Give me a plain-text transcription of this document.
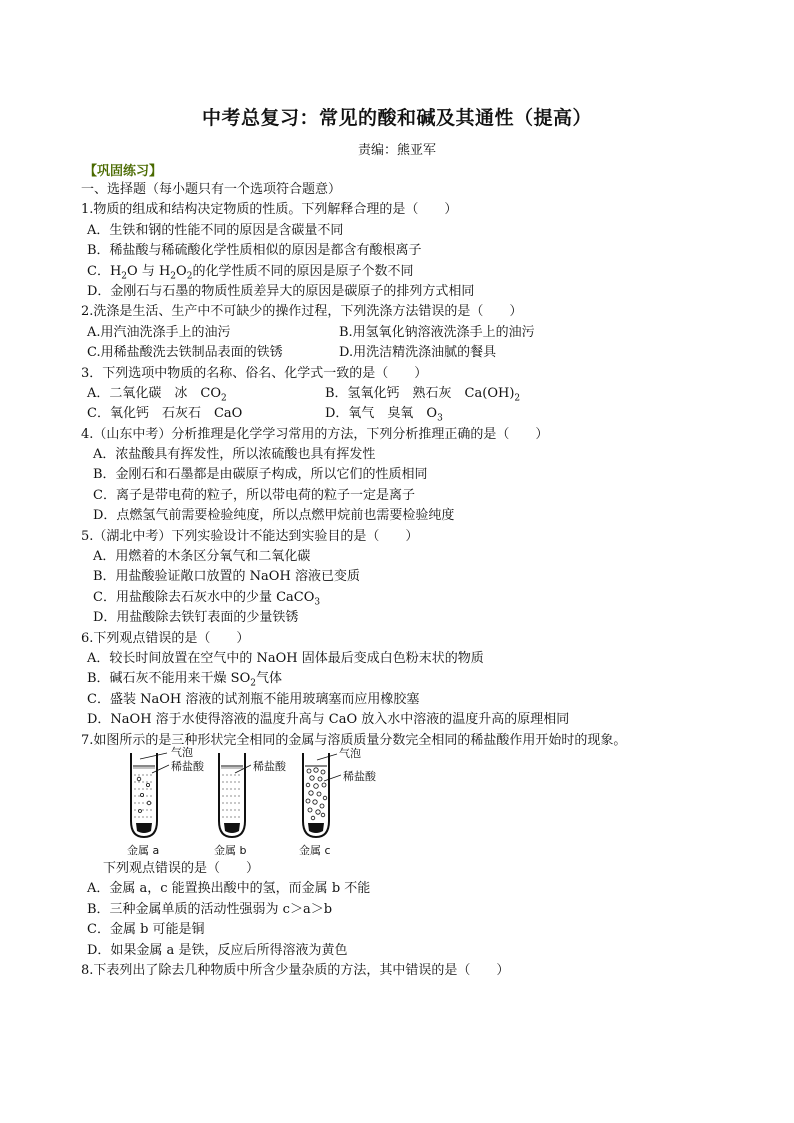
中考总复习：常见的酸和碱及其通性（提高）
责编：熊亚军
【巩固练习】
一、选择题（每小题只有一个选项符合题意）
1.物质的组成和结构决定物质的性质。下列解释合理的是（　　）
A．生铁和钢的性能不同的原因是含碳量不同
B．稀盐酸与稀硫酸化学性质相似的原因是都含有酸根离子
C．$H_2O$ 与 $H_2O_2$的化学性质不同的原因是原子个数不同
D．金刚石与石墨的物质性质差异大的原因是碳原子的排列方式相同
2.洗涤是生活、生产中不可缺少的操作过程，下列洗涤方法错误的是（　　）
A.用汽油洗涤手上的油污	B.用氢氧化钠溶液洗涤手上的油污
C.用稀盐酸洗去铁制品表面的铁锈	D.用洗洁精洗涤油腻的餐具
3．下列选项中物质的名称、俗名、化学式一致的是（　　）
A．二氧化碳　冰　$CO_2$	B．氢氧化钙　熟石灰　$Ca(OH)_2$
C．氧化钙　石灰石　CaO	D．氧气　臭氧　$O_3$
4.（山东中考）分析推理是化学学习常用的方法，下列分析推理正确的是（　　）
A．浓盐酸具有挥发性，所以浓硫酸也具有挥发性
B．金刚石和石墨都是由碳原子构成，所以它们的性质相同
C．离子是带电荷的粒子，所以带电荷的粒子一定是离子
D．点燃氢气前需要检验纯度，所以点燃甲烷前也需要检验纯度
5.（湖北中考）下列实验设计不能达到实验目的是（　　）
A．用燃着的木条区分氧气和二氧化碳
B．用盐酸验证敞口放置的 NaOH 溶液已变质
C．用盐酸除去石灰水中的少量 CaCO$_3$
D．用盐酸除去铁钉表面的少量铁锈
6.下列观点错误的是（　　）
A．较长时间放置在空气中的 NaOH 固体最后变成白色粉末状的物质
B．碱石灰不能用来干燥 $SO_2$气体
C．盛装 NaOH 溶液的试剂瓶不能用玻璃塞而应用橡胶塞
D．NaOH 溶于水使得溶液的温度升高与 CaO 放入水中溶液的温度升高的原理相同
7.如图所示的是三种形状完全相同的金属与溶质质量分数完全相同的稀盐酸作用开始时的现象。
气泡
稀盐酸	稀盐酸
气泡
稀盐酸
金属 a	金属 b	金属 c
下列观点错误的是（　　）
A．金属 a，c 能置换出酸中的氢，而金属 b 不能
B．三种金属单质的活动性强弱为 c＞a＞b
C．金属 b 可能是铜
D．如果金属 a 是铁，反应后所得溶液为黄色
8.下表列出了除去几种物质中所含少量杂质的方法，其中错误的是（　　）
